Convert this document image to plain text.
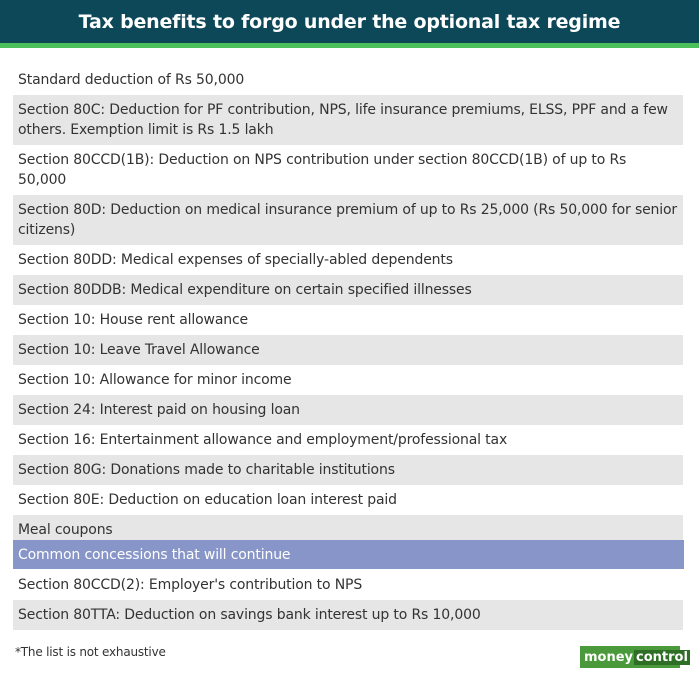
Tax benefits to forgo under the optional tax regime
Standard deduction of Rs 50,000
Section 80C: Deduction for PF contribution, NPS, life insurance premiums, ELSS, PPF and a few others. Exemption limit is Rs 1.5 lakh
Section 80CCD(1B): Deduction on NPS contribution under section 80CCD(1B) of up to Rs 50,000
Section 80D: Deduction on medical insurance premium of up to Rs 25,000 (Rs 50,000 for senior citizens)
Section 80DD: Medical expenses of specially-abled dependents
Section 80DDB: Medical expenditure on certain specified illnesses
Section 10: House rent allowance
Section 10: Leave Travel Allowance
Section 10: Allowance for minor income
Section 24: Interest paid on housing loan
Section 16: Entertainment allowance and employment/professional tax
Section 80G: Donations made to charitable institutions
Section 80E: Deduction on education loan interest paid
Meal coupons
Common concessions that will continue
Section 80CCD(2): Employer's contribution to NPS
Section 80TTA: Deduction on savings bank interest up to Rs 10,000
*The list is not exhaustive	money control
